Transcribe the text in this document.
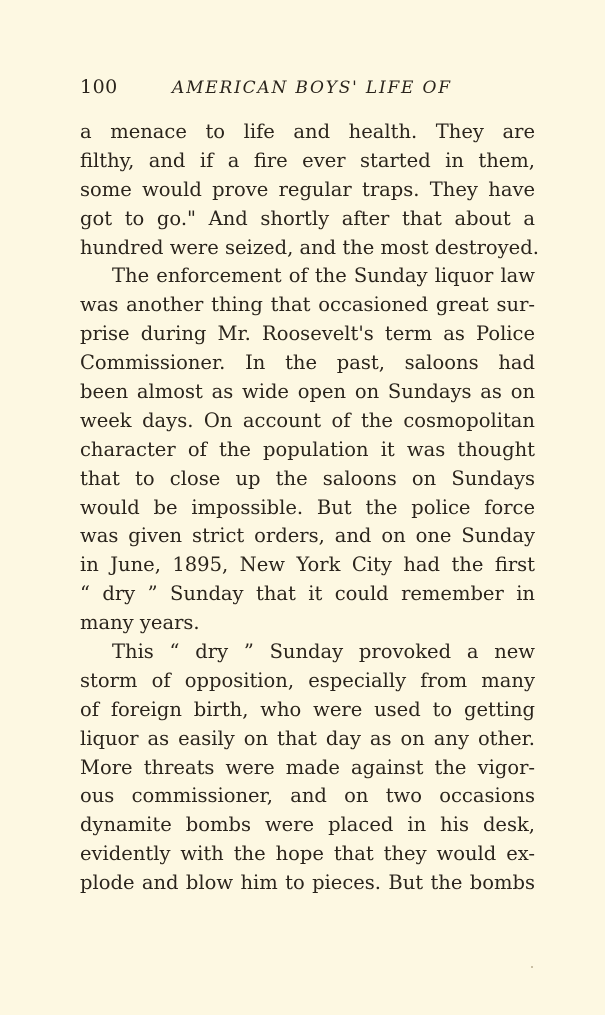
100	AMERICAN BOYS' LIFE OF
a menace to life and health. They are
filthy, and if a fire ever started in them,
some would prove regular traps. They have
got to go." And shortly after that about a
hundred were seized, and the most destroyed.
The enforcement of the Sunday liquor law
was another thing that occasioned great sur-
prise during Mr. Roosevelt's term as Police
Commissioner. In the past, saloons had
been almost as wide open on Sundays as on
week days. On account of the cosmopolitan
character of the population it was thought
that to close up the saloons on Sundays
would be impossible. But the police force
was given strict orders, and on one Sunday
in June, 1895, New York City had the first
“ dry ” Sunday that it could remember in
many years.
This “ dry ” Sunday provoked a new
storm of opposition, especially from many
of foreign birth, who were used to getting
liquor as easily on that day as on any other.
More threats were made against the vigor-
ous commissioner, and on two occasions
dynamite bombs were placed in his desk,
evidently with the hope that they would ex-
plode and blow him to pieces. But the bombs
